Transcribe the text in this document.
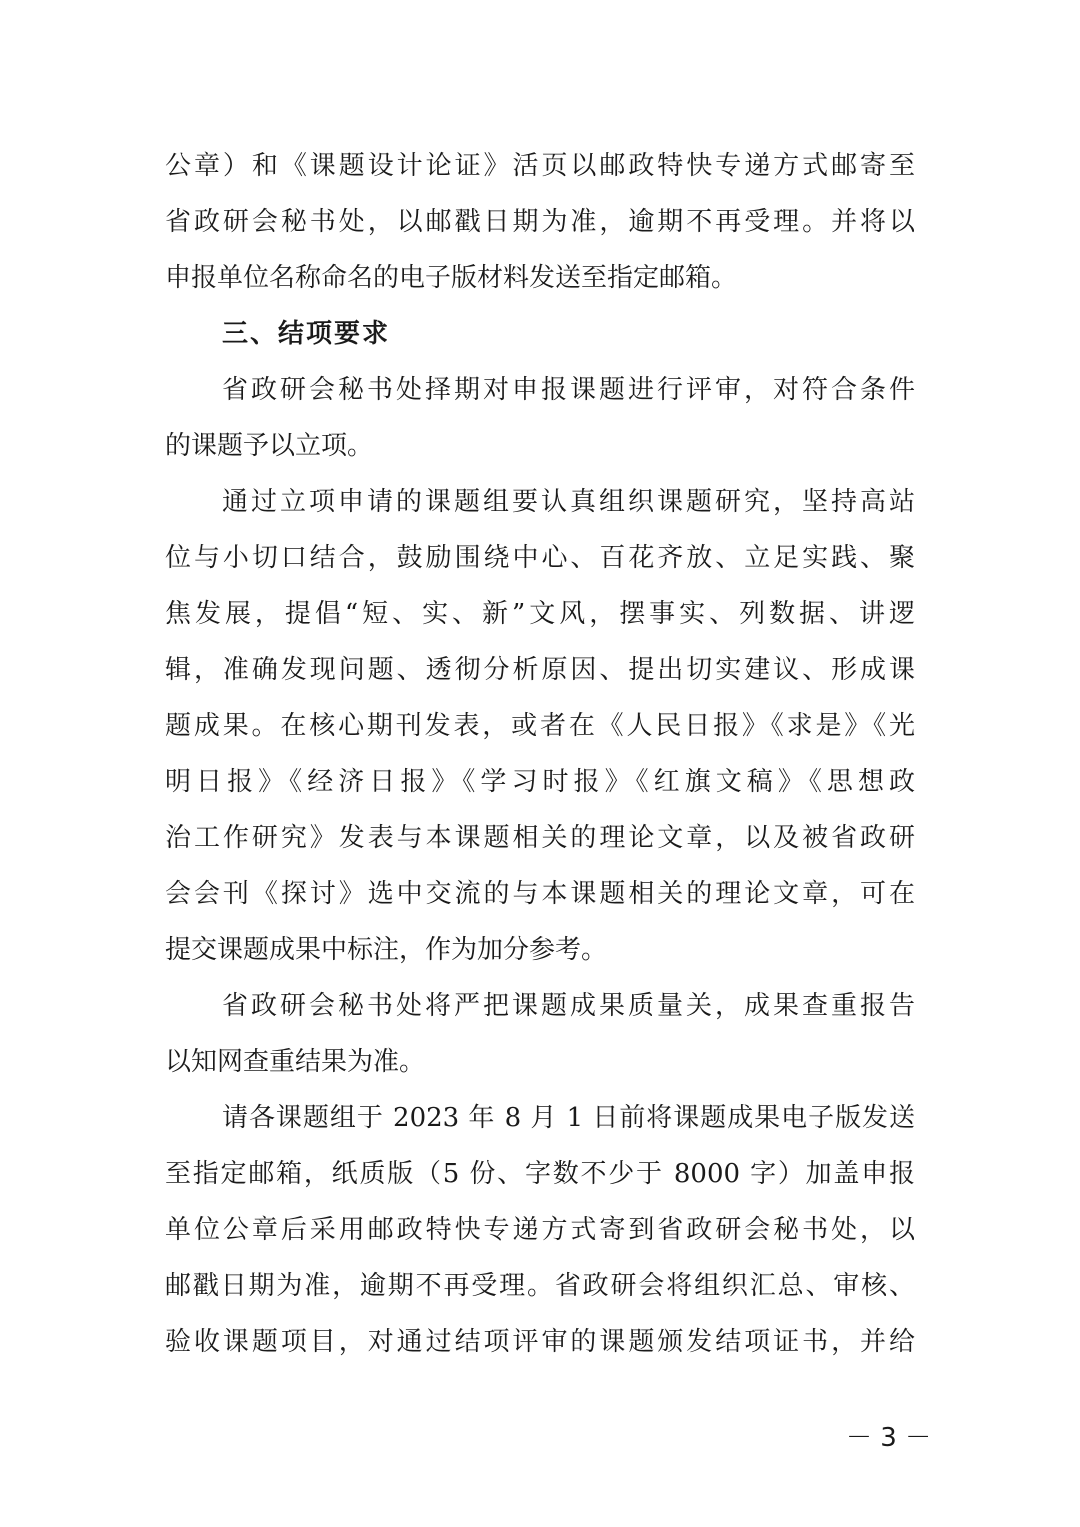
公章）和《课题设计论证》活页以邮政特快专递方式邮寄至
省政研会秘书处，以邮戳日期为准，逾期不再受理。并将以
申报单位名称命名的电子版材料发送至指定邮箱。
三、结项要求
省政研会秘书处择期对申报课题进行评审，对符合条件
的课题予以立项。
通过立项申请的课题组要认真组织课题研究，坚持高站
位与小切口结合，鼓励围绕中心、百花齐放、立足实践、聚
焦发展，提倡“短、实、新”文风，摆事实、列数据、讲逻
辑，准确发现问题、透彻分析原因、提出切实建议、形成课
题成果。在核心期刊发表，或者在《人民日报》《求是》《光
明日报》《经济日报》《学习时报》《红旗文稿》《思想政
治工作研究》发表与本课题相关的理论文章，以及被省政研
会会刊《探讨》选中交流的与本课题相关的理论文章，可在
提交课题成果中标注，作为加分参考。
省政研会秘书处将严把课题成果质量关，成果查重报告
以知网查重结果为准。
请各课题组于 2023 年 8 月 1 日前将课题成果电子版发送
至指定邮箱，纸质版（5 份、字数不少于 8000 字）加盖申报
单位公章后采用邮政特快专递方式寄到省政研会秘书处，以
邮戳日期为准，逾期不再受理。省政研会将组织汇总、审核、
验收课题项目，对通过结项评审的课题颁发结项证书，并给
－ 3 －
